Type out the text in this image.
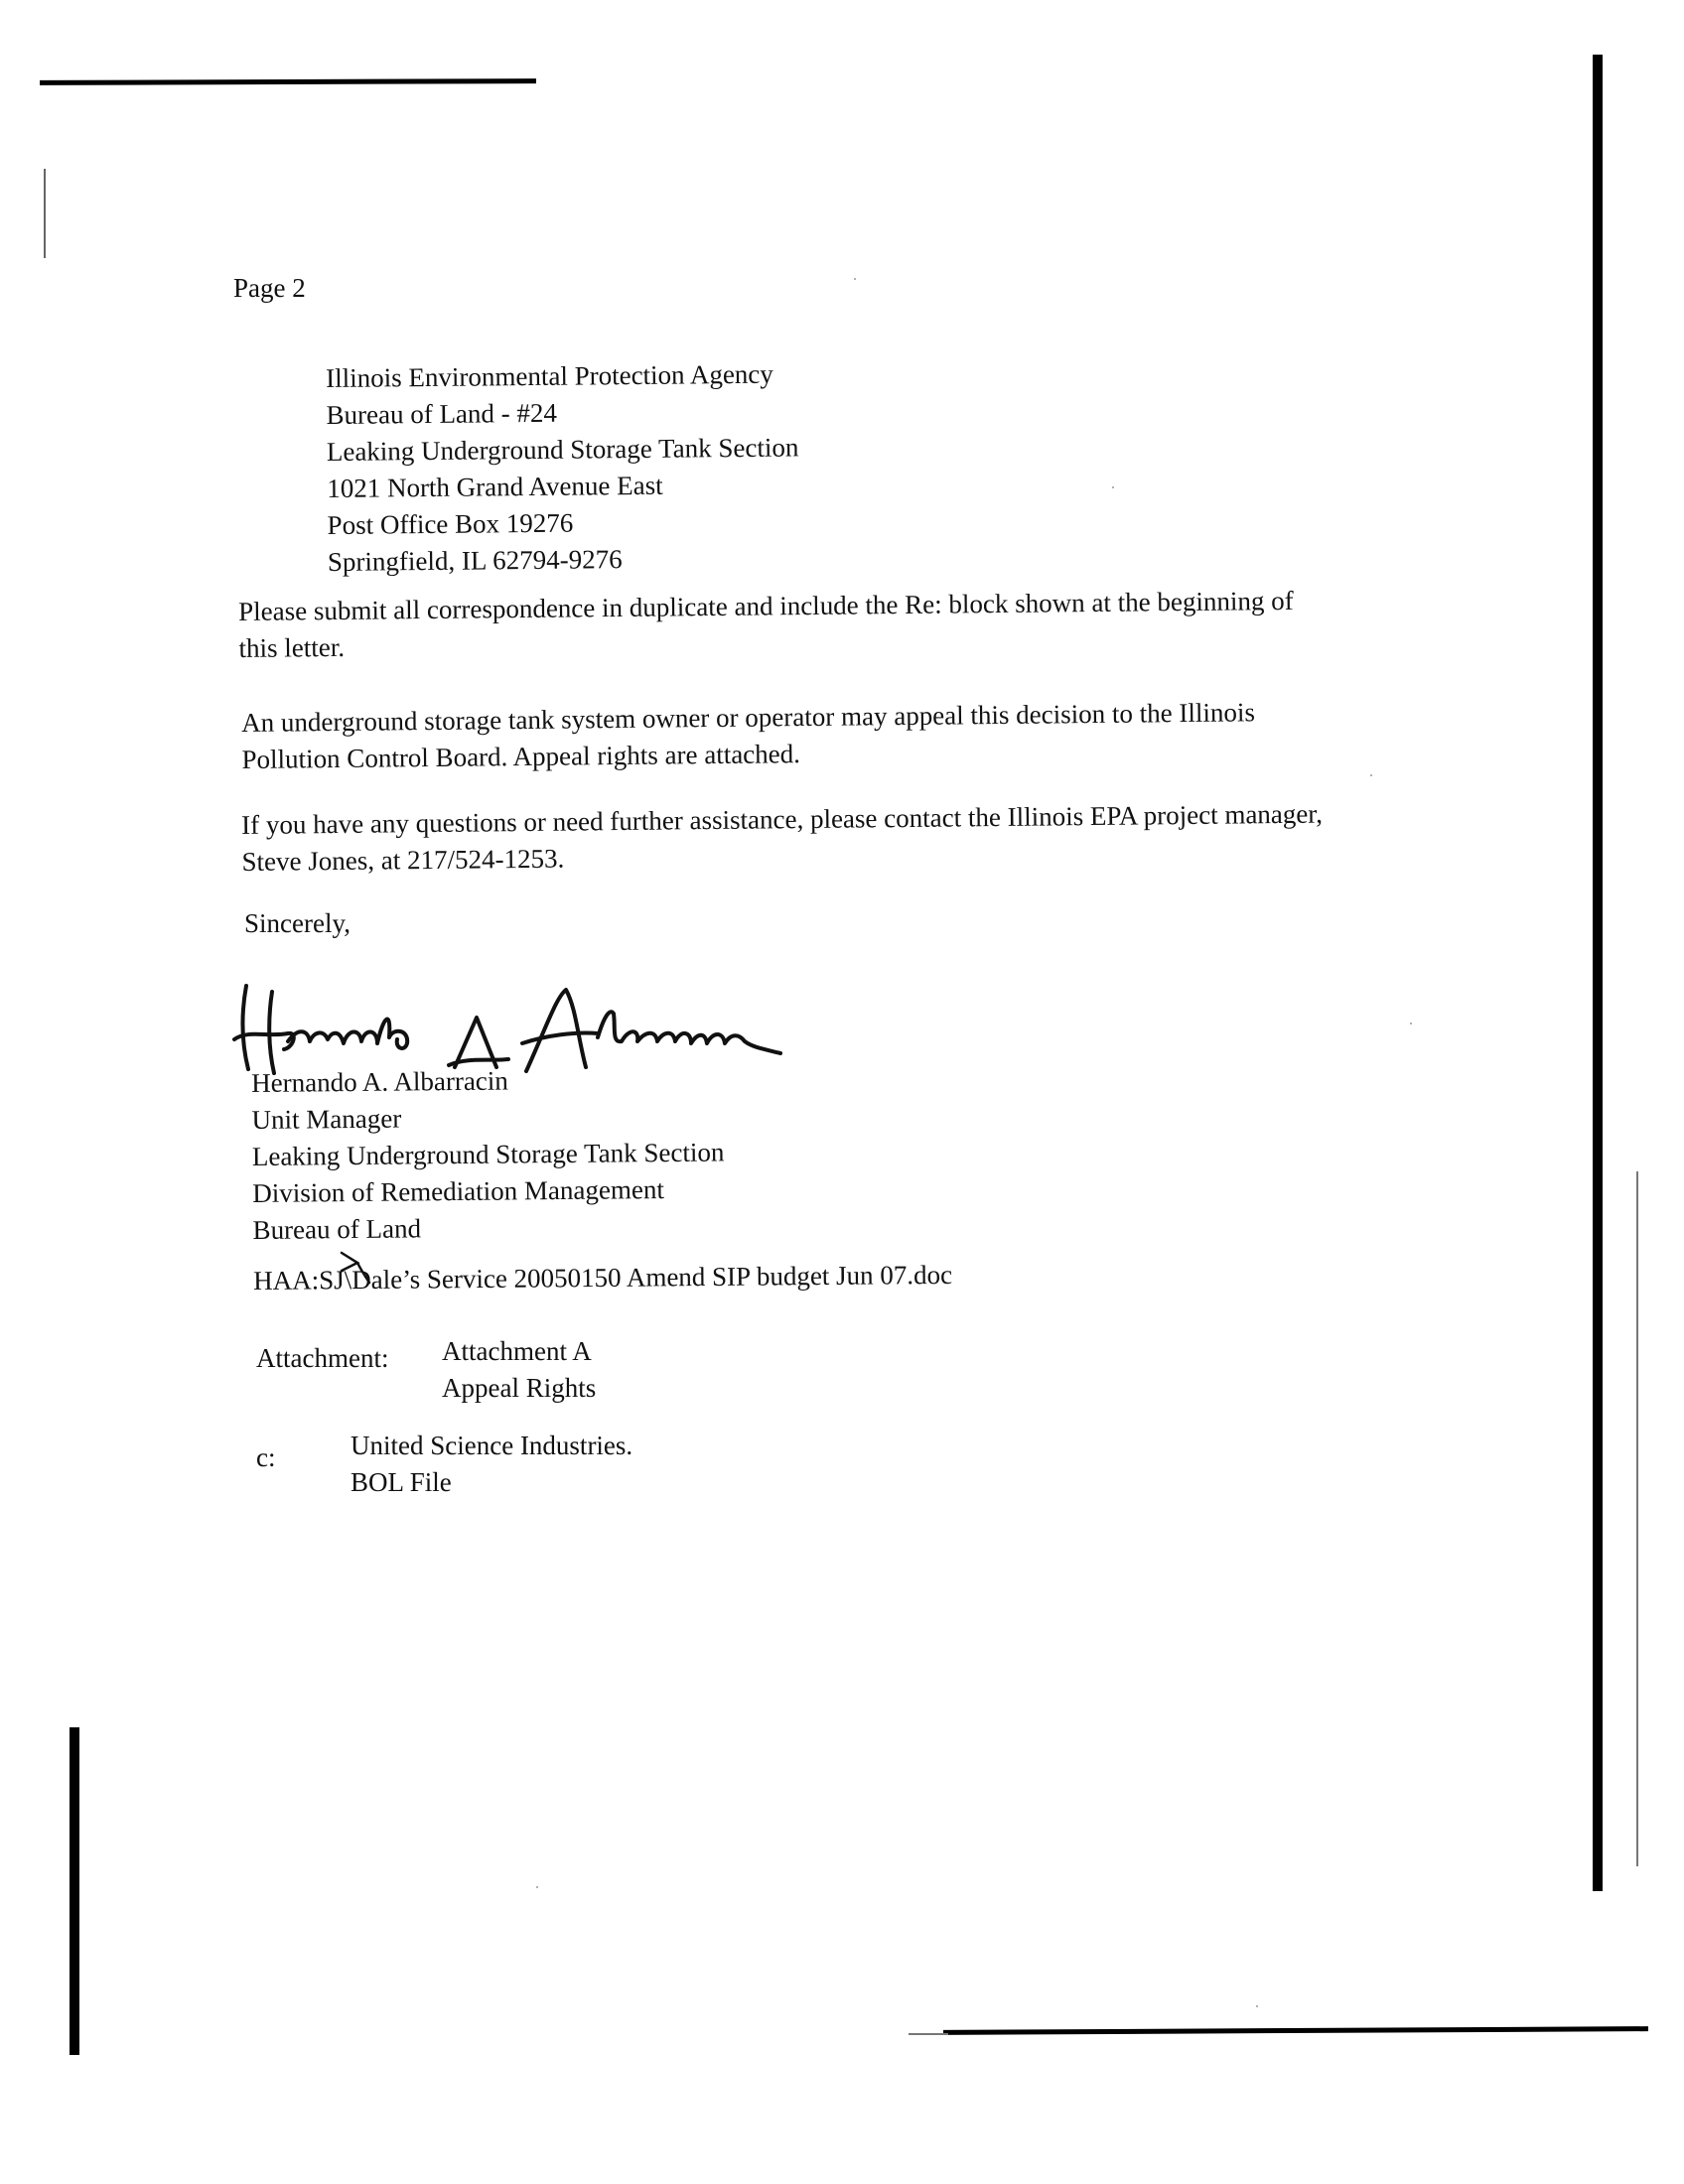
Page 2
Illinois Environmental Protection Agency
Bureau of Land - #24
Leaking Underground Storage Tank Section
1021 North Grand Avenue East
Post Office Box 19276
Springfield, IL 62794-9276
Please submit all correspondence in duplicate and include the Re: block shown at the beginning of
this letter.
An underground storage tank system owner or operator may appeal this decision to the Illinois
Pollution Control Board. Appeal rights are attached.
If you have any questions or need further assistance, please contact the Illinois EPA project manager,
Steve Jones, at 217/524-1253.
Sincerely,
Hernando A. Albarracin
Unit Manager
Leaking Underground Storage Tank Section
Division of Remediation Management
Bureau of Land
HAA:SJ\Dale’s Service 20050150 Amend SIP budget Jun 07.doc
Attachment: Attachment A
Appeal Rights
c:	United Science Industries.
BOL File
